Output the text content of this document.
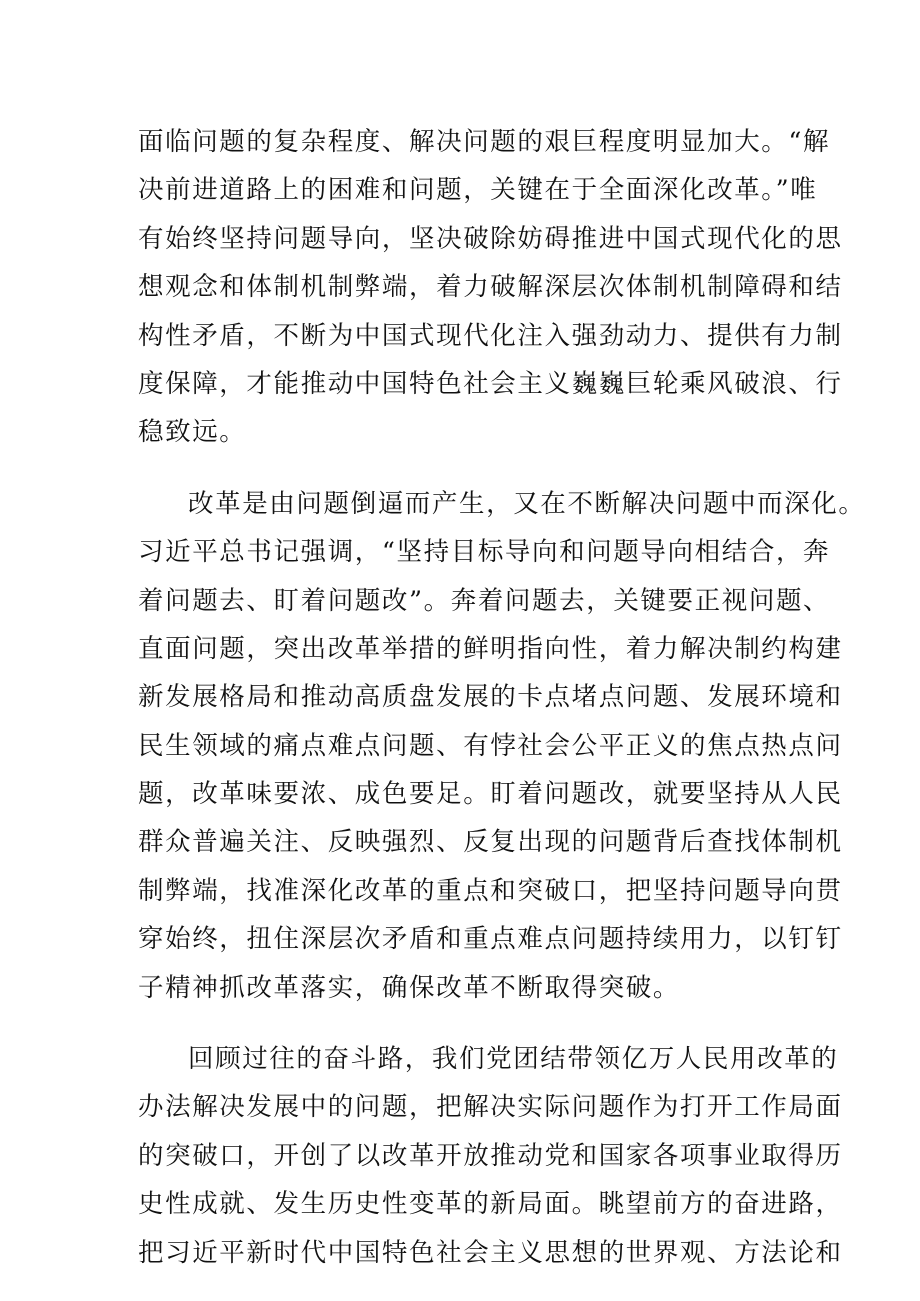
面临问题的复杂程度、解决问题的艰巨程度明显加大。“解
决前进道路上的困难和问题，关键在于全面深化改革。”唯
有始终坚持问题导向，坚决破除妨碍推进中国式现代化的思
想观念和体制机制弊端，着力破解深层次体制机制障碍和结
构性矛盾，不断为中国式现代化注入强劲动力、提供有力制
度保障，才能推动中国特色社会主义巍巍巨轮乘风破浪、行
稳致远。
改革是由问题倒逼而产生，又在不断解决问题中而深化。
习近平总书记强调，“坚持目标导向和问题导向相结合，奔
着问题去、盯着问题改”。奔着问题去，关键要正视问题、
直面问题，突出改革举措的鲜明指向性，着力解决制约构建
新发展格局和推动高质盘发展的卡点堵点问题、发展环境和
民生领域的痛点难点问题、有悖社会公平正义的焦点热点问
题，改革味要浓、成色要足。盯着问题改，就要坚持从人民
群众普遍关注、反映强烈、反复出现的问题背后查找体制机
制弊端，找准深化改革的重点和突破口，把坚持问题导向贯
穿始终，扭住深层次矛盾和重点难点问题持续用力，以钉钉
子精神抓改革落实，确保改革不断取得突破。
回顾过往的奋斗路，我们党团结带领亿万人民用改革的
办法解决发展中的问题，把解决实际问题作为打开工作局面
的突破口，开创了以改革开放推动党和国家各项事业取得历
史性成就、发生历史性变革的新局面。眺望前方的奋进路，
把习近平新时代中国特色社会主义思想的世界观、方法论和
